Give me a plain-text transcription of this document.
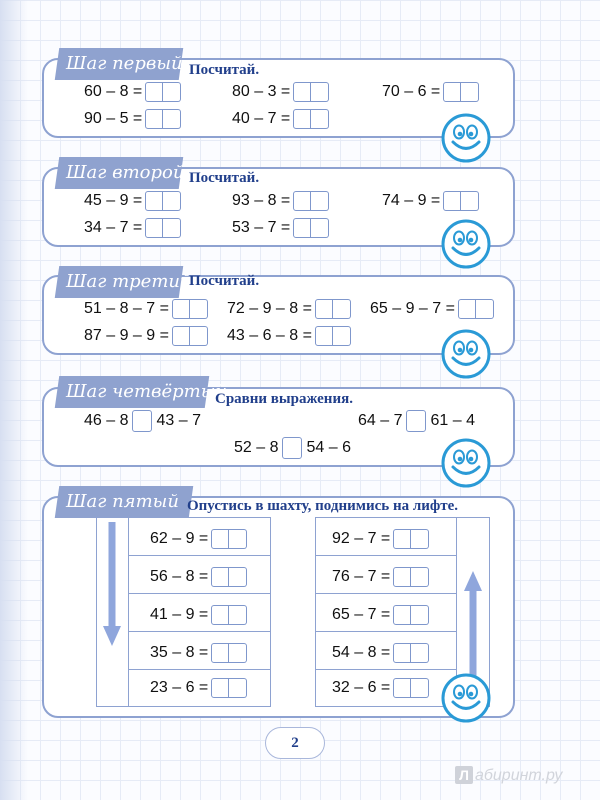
Шаг первый Посчитай.
60 – 8 =	80 – 3 =	70 – 6 =
90 – 5 =	40 – 7 =
Шаг второй Посчитай.
45 – 9 =	93 – 8 =	74 – 9 =
34 – 7 =	53 – 7 =
Шаг третий
Посчитай.
51 – 8 – 7 =	72 – 9 – 8 =	65 – 9 – 7 =
87 – 9 – 9 =	43 – 6 – 8 =
Шаг четвёртый
Сравни выражения.
46 – 8 43 – 7	64 – 7 61 – 4
52 – 8 54 – 6
Шаг пятый Опустись в шахту, поднимись на лифте.
62 – 9 =
56 – 8 =
41 – 9 =
35 – 8 =
23 – 6 =
92 – 7 =
76 – 7 =
65 – 7 =
54 – 8 =
32 – 6 =
2
Л абиринт.ру
